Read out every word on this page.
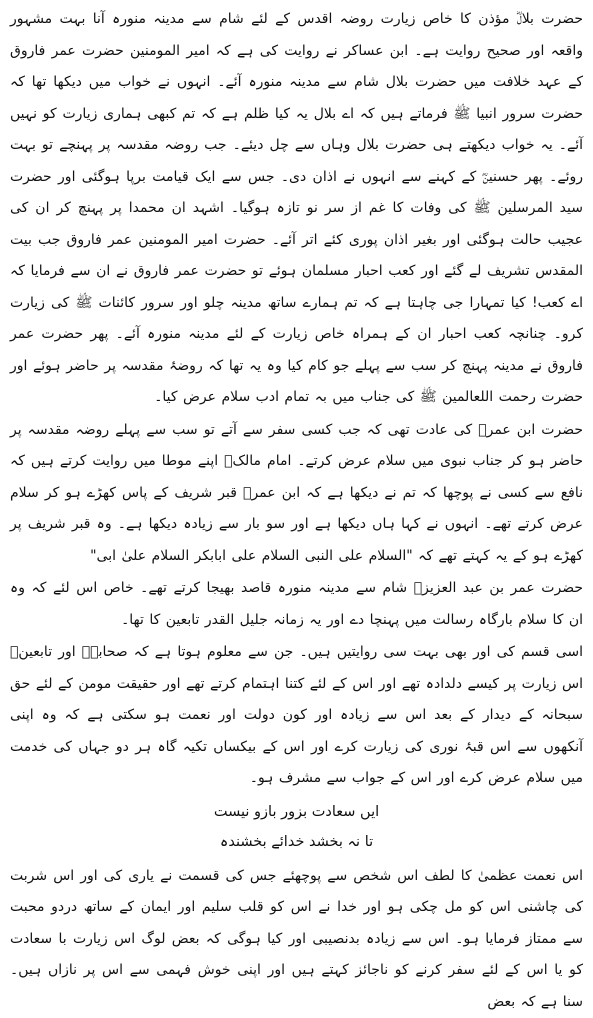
حضرت بلالؓ مؤذن کا خاص زیارت روضہ اقدس کے لئے شام سے مدینہ منورہ آنا بہت مشہور واقعہ اور صحیح روایت ہے۔ ابن عساکر نے روایت کی ہے کہ امیر المومنین حضرت عمر فاروق کے عہد خلافت میں حضرت بلال شام سے مدینہ منورہ آئے۔ انہوں نے خواب میں دیکھا تھا کہ حضرت سرور انبیا ﷺ فرماتے ہیں کہ اے بلال یہ کیا ظلم ہے کہ تم کبھی ہماری زیارت کو نہیں آئے۔ یہ خواب دیکھتے ہی حضرت بلال وہاں سے چل دیئے۔ جب روضہ مقدسہ پر پہنچے تو بہت روئے۔ پھر حسنینؓ کے کہنے سے انہوں نے اذان دی۔ جس سے ایک قیامت برپا ہوگئی اور حضرت سید المرسلین ﷺ کی وفات کا غم از سر نو تازہ ہوگیا۔ اشہد ان محمدا پر پہنچ کر ان کی عجیب حالت ہوگئی اور بغیر اذان پوری کئے اتر آئے۔ حضرت امیر المومنین عمر فاروق جب بیت المقدس تشریف لے گئے اور کعب احبار مسلمان ہوئے تو حضرت عمر فاروق نے ان سے فرمایا کہ اے کعب! کیا تمہارا جی چاہتا ہے کہ تم ہمارے ساتھ مدینہ چلو اور سرور کائنات ﷺ کی زیارت کرو۔ چنانچہ کعب احبار ان کے ہمراہ خاص زیارت کے لئے مدینہ منورہ آئے۔ پھر حضرت عمر فاروق نے مدینہ پہنچ کر سب سے پہلے جو کام کیا وہ یہ تھا کہ روضۂ مقدسہ پر حاضر ہوئے اور حضرت رحمت اللعالمین ﷺ کی جناب میں بہ تمام ادب سلام عرض کیا۔

حضرت ابن عمرؓ کی عادت تھی کہ جب کسی سفر سے آتے تو سب سے پہلے روضہ مقدسہ پر حاضر ہو کر جناب نبوی میں سلام عرض کرتے۔ امام مالکؒ اپنے موطا میں روایت کرتے ہیں کہ نافع سے کسی نے پوچھا کہ تم نے دیکھا ہے کہ ابن عمرؓ قبر شریف کے پاس کھڑے ہو کر سلام عرض کرتے تھے۔ انہوں نے کہا ہاں دیکھا ہے اور سو بار سے زیادہ دیکھا ہے۔ وہ قبر شریف پر کھڑے ہو کے یہ کہتے تھے کہ "السلام علی النبی السلام علی ابابکر السلام علیٰ ابی"

حضرت عمر بن عبد العزیزؒ شام سے مدینہ منورہ قاصد بھیجا کرتے تھے۔ خاص اس لئے کہ وہ ان کا سلام بارگاہ رسالت میں پہنچا دے اور یہ زمانہ جلیل القدر تابعین کا تھا۔

اسی قسم کی اور بھی بہت سی روایتیں ہیں۔ جن سے معلوم ہوتا ہے کہ صحابہؓ اور تابعینؒ اس زیارت پر کیسے دلدادہ تھے اور اس کے لئے کتنا اہتمام کرتے تھے اور حقیقت مومن کے لئے حق سبحانہ کے دیدار کے بعد اس سے زیادہ اور کون دولت اور نعمت ہو سکتی ہے کہ وہ اپنی آنکھوں سے اس قبۂ نوری کی زیارت کرے اور اس کے بیکساں تکیہ گاہ ہر دو جہاں کی خدمت میں سلام عرض کرے اور اس کے جواب سے مشرف ہو۔

ایں سعادت بزور بازو نیست
تا نہ بخشد خدائے بخشندہ

اس نعمت عظمیٰ کا لطف اس شخص سے پوچھئے جس کی قسمت نے یاری کی اور اس شربت کی چاشنی اس کو مل چکی ہو اور خدا نے اس کو قلب سلیم اور ایمان کے ساتھ دردو محبت سے ممتاز فرمایا ہو۔ اس سے زیادہ بدنصیبی اور کیا ہوگی کہ بعض لوگ اس زیارت با سعادت کو یا اس کے لئے سفر کرنے کو ناجائز کہتے ہیں اور اپنی خوش فہمی سے اس پر نازاں ہیں۔ سنا ہے کہ بعض
